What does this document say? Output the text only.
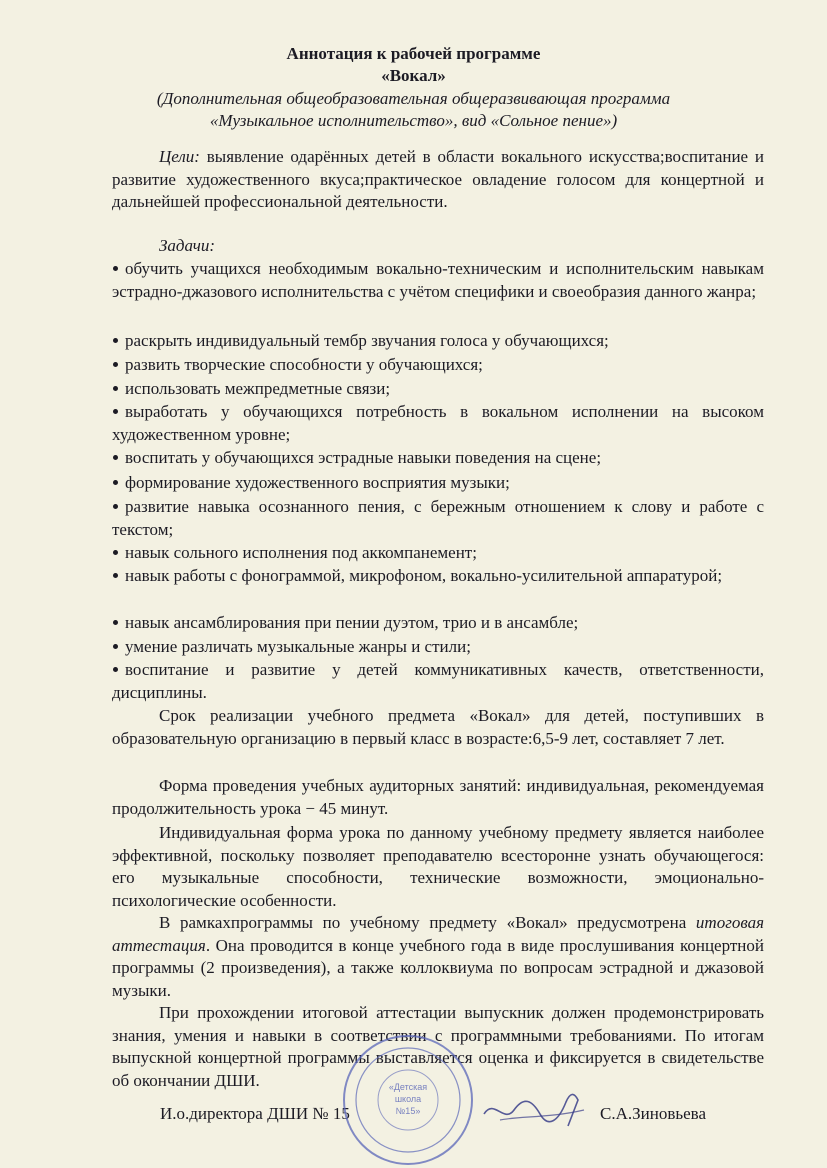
Аннотация к рабочей программе
«Вокал»
(Дополнительная общеобразовательная общеразвивающая программа
«Музыкальное исполнительство», вид «Сольное пение»)
Цели: выявление одарённых детей в области вокального искусства;воспитание и развитие художественного вкуса;практическое овладение голосом для концертной и дальнейшей профессиональной деятельности.
Задачи:
обучить учащихся необходимым вокально-техническим и исполнительским навыкам эстрадно-джазового исполнительства с учётом специфики и своеобразия данного жанра;
раскрыть индивидуальный тембр звучания голоса у обучающихся;
развить творческие способности у обучающихся;
использовать межпредметные связи;
выработать у обучающихся потребность в вокальном исполнении на высоком художественном уровне;
воспитать у обучающихся эстрадные навыки поведения на сцене;
формирование художественного восприятия музыки;
развитие навыка осознанного пения, с бережным отношением к слову и работе с текстом;
навык сольного исполнения под аккомпанемент;
навык работы с фонограммой, микрофоном, вокально-усилительной аппаратурой;
навык ансамблирования при пении дуэтом, трио и в ансамбле;
умение различать музыкальные жанры и стили;
воспитание и развитие у детей коммуникативных качеств, ответственности, дисциплины.
Срок реализации учебного предмета «Вокал» для детей, поступивших в образовательную организацию в первый класс в возрасте:6,5-9 лет, составляет 7 лет.
Форма проведения учебных аудиторных занятий: индивидуальная, рекомендуемая продолжительность урока − 45 минут.
Индивидуальная форма урока по данному учебному предмету является наиболее эффективной, поскольку позволяет преподавателю всесторонне узнать обучающегося: его музыкальные способности, технические возможности, эмоционально-психологические особенности.
В рамкахпрограммы по учебному предмету «Вокал» предусмотрена итоговая аттестация. Она проводится в конце учебного года в виде прослушивания концертной программы (2 произведения), а также коллоквиума по вопросам эстрадной и джазовой музыки.
При прохождении итоговой аттестации выпускник должен продемонстрировать знания, умения и навыки в соответствии с программными требованиями. По итогам выпускной концертной программы выставляется оценка и фиксируется в свидетельстве об окончании ДШИ.
И.о.директора ДШИ № 15	С.А.Зиновьева
«Детская
школа
№15»
